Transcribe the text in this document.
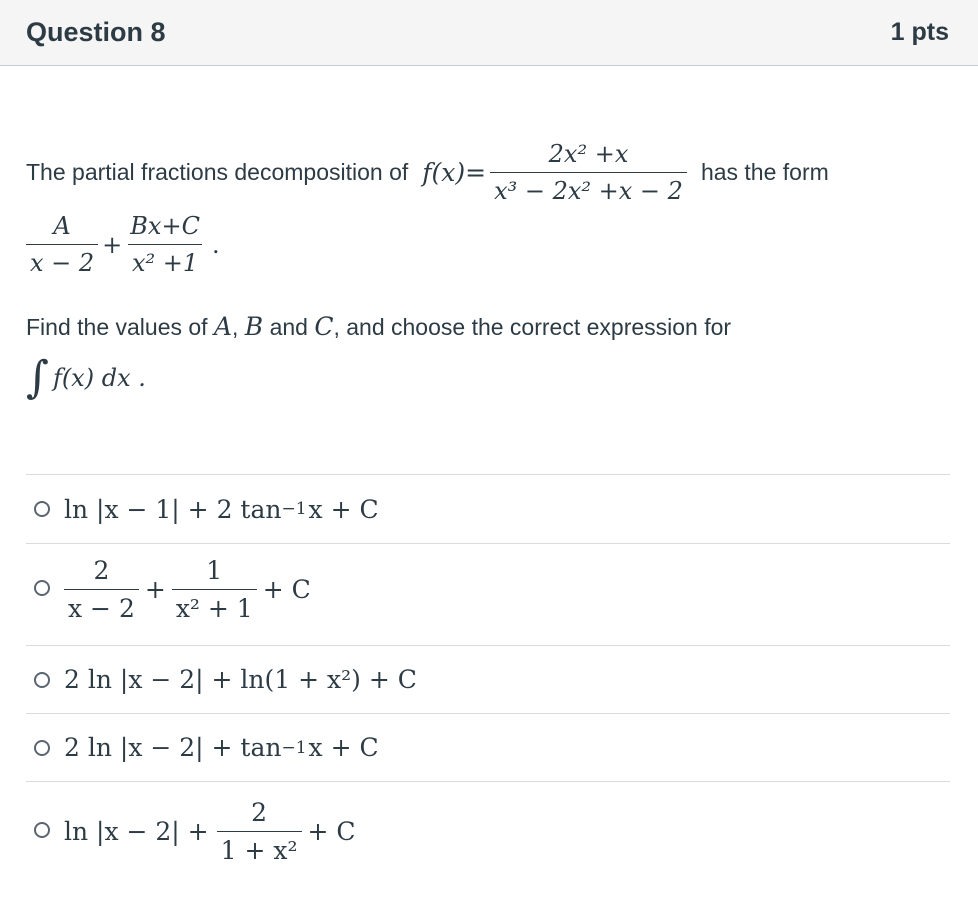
Question 8	1 pts
The partial fractions decomposition of $f(x)= \frac{\text{2x² +x}}{\text{x³ − 2x² +x − 2}}$ has the form
$\frac{A}{x - 2} + \frac{Bx+C}{\text{x² +1}}$ .
Find the values of A, B and C, and choose the correct expression for
∫ f(x) dx .
ln |x − 1| + 2 tan −1 x + C
$\frac{2}{x - 2} + \frac{1}{\text{x² + 1}} + C$
2 ln |x − 2| + ln(1 + x²) + C
2 ln |x − 2| + tan −1 x + C
$\ln |x - 2| + \frac{2}{\text{1 + x²}} + C$
